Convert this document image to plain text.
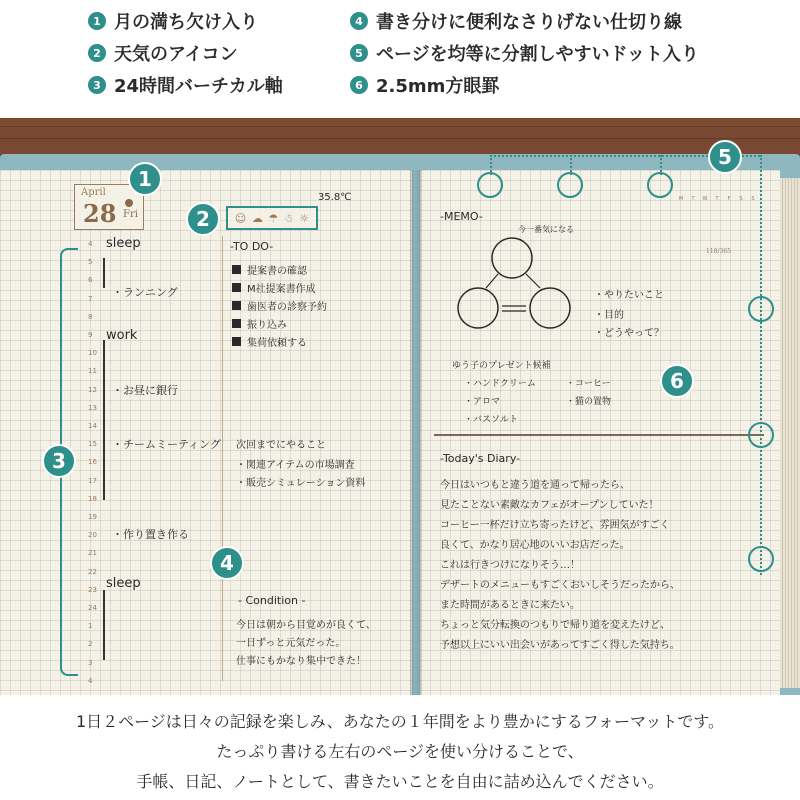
1 月の満ち欠け入り
2 天気のアイコン
3 24時間バーチカル軸
4 書き分けに便利なさりげない仕切り線
5 ページを均等に分割しやすいドット入り
6 2.5mm方眼罫
April
28 Fri
35.8℃
☺ ☁ ☂ ☃ ☼
4
5
6
7
8
9
10
11
12
13
14
15
16
17
18
19
20
21
22
23
24
1
2
3
4
sleep
・ランニング
work
・お昼に銀行
・チームミーティング
・作り置き作る
sleep
-TO DO-
提案書の確認
M社提案書作成
歯医者の診察予約
振り込み
集荷依頼する
次回までにやること
・関連アイテムの市場調査
・販売シミュレーション資料
- Condition -
今日は朝から目覚めが良くて、
一日ずっと元気だった。
仕事にもかなり集中できた！
-MEMO-
今一番気になる
・やりたいこと
・目的
・どうやって？
ゆう子のプレゼント候補
・ハンドクリーム	・コーヒー
・アロマ	・猫の置物
・バスソルト
M T W T F S S
118/365
-Today's Diary-
今日はいつもと違う道を通って帰ったら、
見たことない素敵なカフェがオープンしていた！
コーヒー一杯だけ立ち寄ったけど、雰囲気がすごく
良くて、かなり居心地のいいお店だった。
これは行きつけになりそう…！
デザートのメニューもすごくおいしそうだったから、
また時間があるときに来たい。
ちょっと気分転換のつもりで帰り道を変えたけど、
予想以上にいい出会いがあってすごく得した気持ち。
1
2
3
4
5
6

1日２ページは日々の記録を楽しみ、あなたの１年間をより豊かにするフォーマットです。

たっぷり書ける左右のページを使い分けることで、

手帳、日記、ノートとして、書きたいことを自由に詰め込んでください。
